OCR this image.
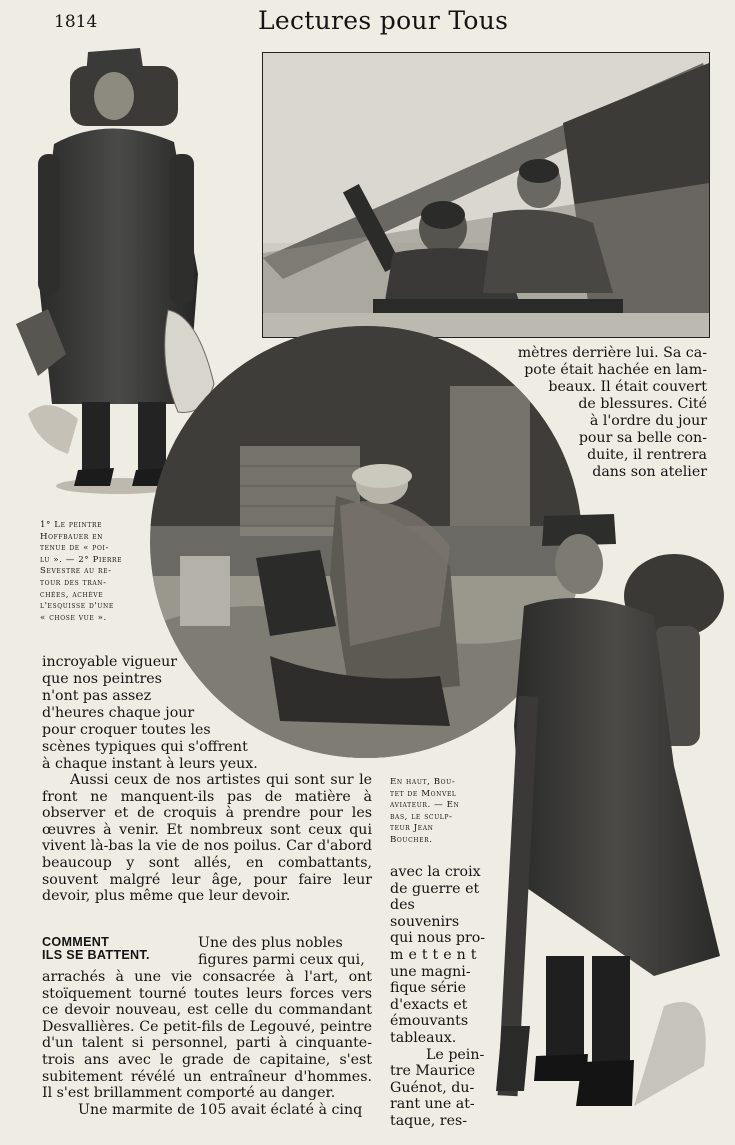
1814	Lectures pour Tous
1° Le peintre
Hoffbauer en
tenue de « poi-
lu ». — 2° Pierre
Sevestre au re-
tour des tran-
chées, achève
l'esquisse d'une
« chose vue ».
En haut, Bou-
tet de Monvel
aviateur. — En
bas, le sculp-
teur Jean
Boucher.
mètres derrière lui. Sa ca-
pote était hachée en lam-
beaux. Il était couvert
de blessures. Cité
à l'ordre du jour
pour sa belle con-
duite, il rentrera
dans son atelier
incroyable vigueur
que nos peintres
n'ont pas assez
d'heures chaque jour
pour croquer toutes les
scènes typiques qui s'offrent
à chaque instant à leurs yeux.

Aussi ceux de nos artistes qui sont sur le front ne manquent-ils pas de matière à observer et de croquis à prendre pour les œuvres à venir. Et nombreux sont ceux qui vivent là-bas la vie de nos poilus. Car d'abord beaucoup y sont allés, en combattants, souvent malgré leur âge, pour faire leur devoir, plus même que leur devoir.

COMMENT
ILS SE BATTENT.
Une des plus nobles
figures parmi ceux qui,

arrachés à une vie consacrée à l'art, ont stoïquement tourné toutes leurs forces vers ce devoir nouveau, est celle du commandant Desvallières. Ce petit-fils de Legouvé, peintre d'un talent si personnel, parti à cinquante-trois ans avec le grade de capitaine, s'est subitement révélé un entraîneur d'hommes. Il s'est brillamment comporté au danger.

Une marmite de 105 avait éclaté à cinq

avec la croix
de guerre et
des souvenirs
qui nous pro-
mettent
une magni-
fique série
d'exacts et
émouvants
tableaux.
Le pein-
tre Maurice
Guénot, du-
rant une at-
taque, res-
